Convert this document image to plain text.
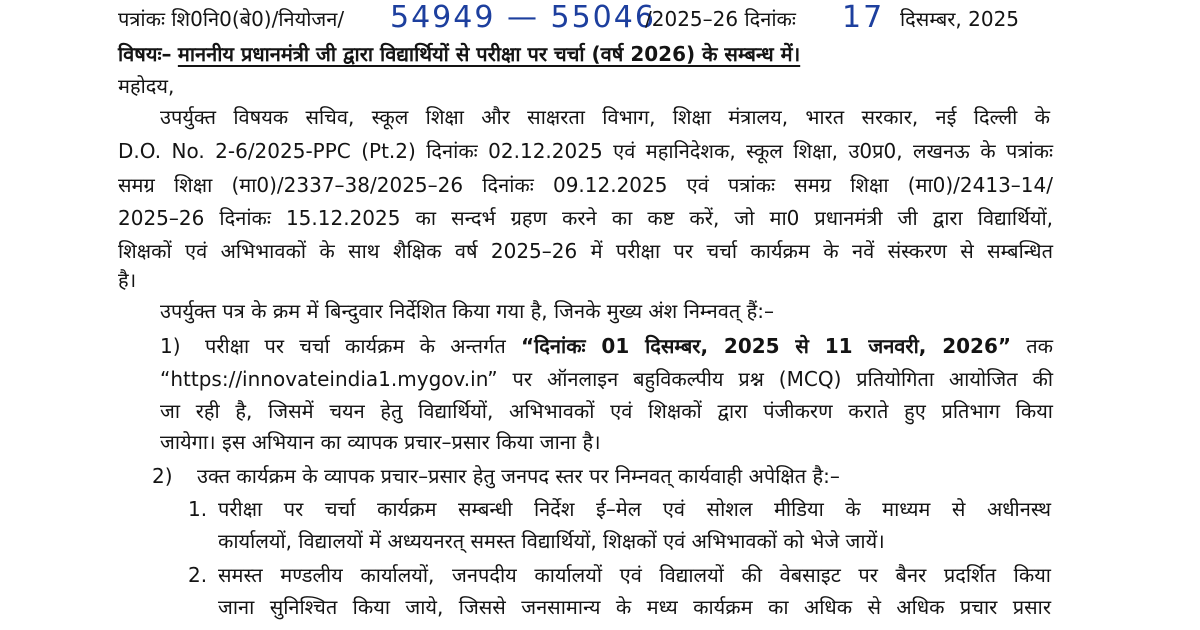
पत्रांकः शि0नि0(बे0)/नियोजन/ 54949 — 55046
/2025–26 दिनांकः 17 दिसम्बर, 2025
विषयः– माननीय प्रधानमंत्री जी द्वारा विद्यार्थियों से परीक्षा पर चर्चा (वर्ष 2026) के सम्बन्ध में।
महोदय,
उपर्युक्त विषयक सचिव, स्कूल शिक्षा और साक्षरता विभाग, शिक्षा मंत्रालय, भारत सरकार, नई दिल्ली के
D.O. No. 2-6/2025-PPC (Pt.2) दिनांकः 02.12.2025 एवं महानिदेशक, स्कूल शिक्षा, उ0प्र0, लखनऊ के पत्रांकः
समग्र शिक्षा (मा0)/2337–38/2025–26 दिनांकः 09.12.2025 एवं पत्रांकः समग्र शिक्षा (मा0)/2413–14/
2025–26 दिनांकः 15.12.2025 का सन्दर्भ ग्रहण करने का कष्ट करें, जो मा0 प्रधानमंत्री जी द्वारा विद्यार्थियों,
शिक्षकों एवं अभिभावकों के साथ शैक्षिक वर्ष 2025–26 में परीक्षा पर चर्चा कार्यक्रम के नवें संस्करण से सम्बन्धित
है।
उपर्युक्त पत्र के क्रम में बिन्दुवार निर्देशित किया गया है, जिनके मुख्य अंश निम्नवत् हैं:–
1) परीक्षा पर चर्चा कार्यक्रम के अन्तर्गत “दिनांकः 01 दिसम्बर, 2025 से 11 जनवरी, 2026” तक
“https://innovateindia1.mygov.in” पर ऑनलाइन बहुविकल्पीय प्रश्न (MCQ) प्रतियोगिता आयोजित की
जा रही है, जिसमें चयन हेतु विद्यार्थियों, अभिभावकों एवं शिक्षकों द्वारा पंजीकरण कराते हुए प्रतिभाग किया
जायेगा। इस अभियान का व्यापक प्रचार–प्रसार किया जाना है।
2) उक्त कार्यक्रम के व्यापक प्रचार–प्रसार हेतु जनपद स्तर पर निम्नवत् कार्यवाही अपेक्षित है:–
1. परीक्षा पर चर्चा कार्यक्रम सम्बन्धी निर्देश ई–मेल एवं सोशल मीडिया के माध्यम से अधीनस्थ
कार्यालयों, विद्यालयों में अध्ययनरत् समस्त विद्यार्थियों, शिक्षकों एवं अभिभावकों को भेजे जायें।
2. समस्त मण्डलीय कार्यालयों, जनपदीय कार्यालयों एवं विद्यालयों की वेबसाइट पर बैनर प्रदर्शित किया
जाना सुनिश्चित किया जाये, जिससे जनसामान्य के मध्य कार्यक्रम का अधिक से अधिक प्रचार प्रसार
